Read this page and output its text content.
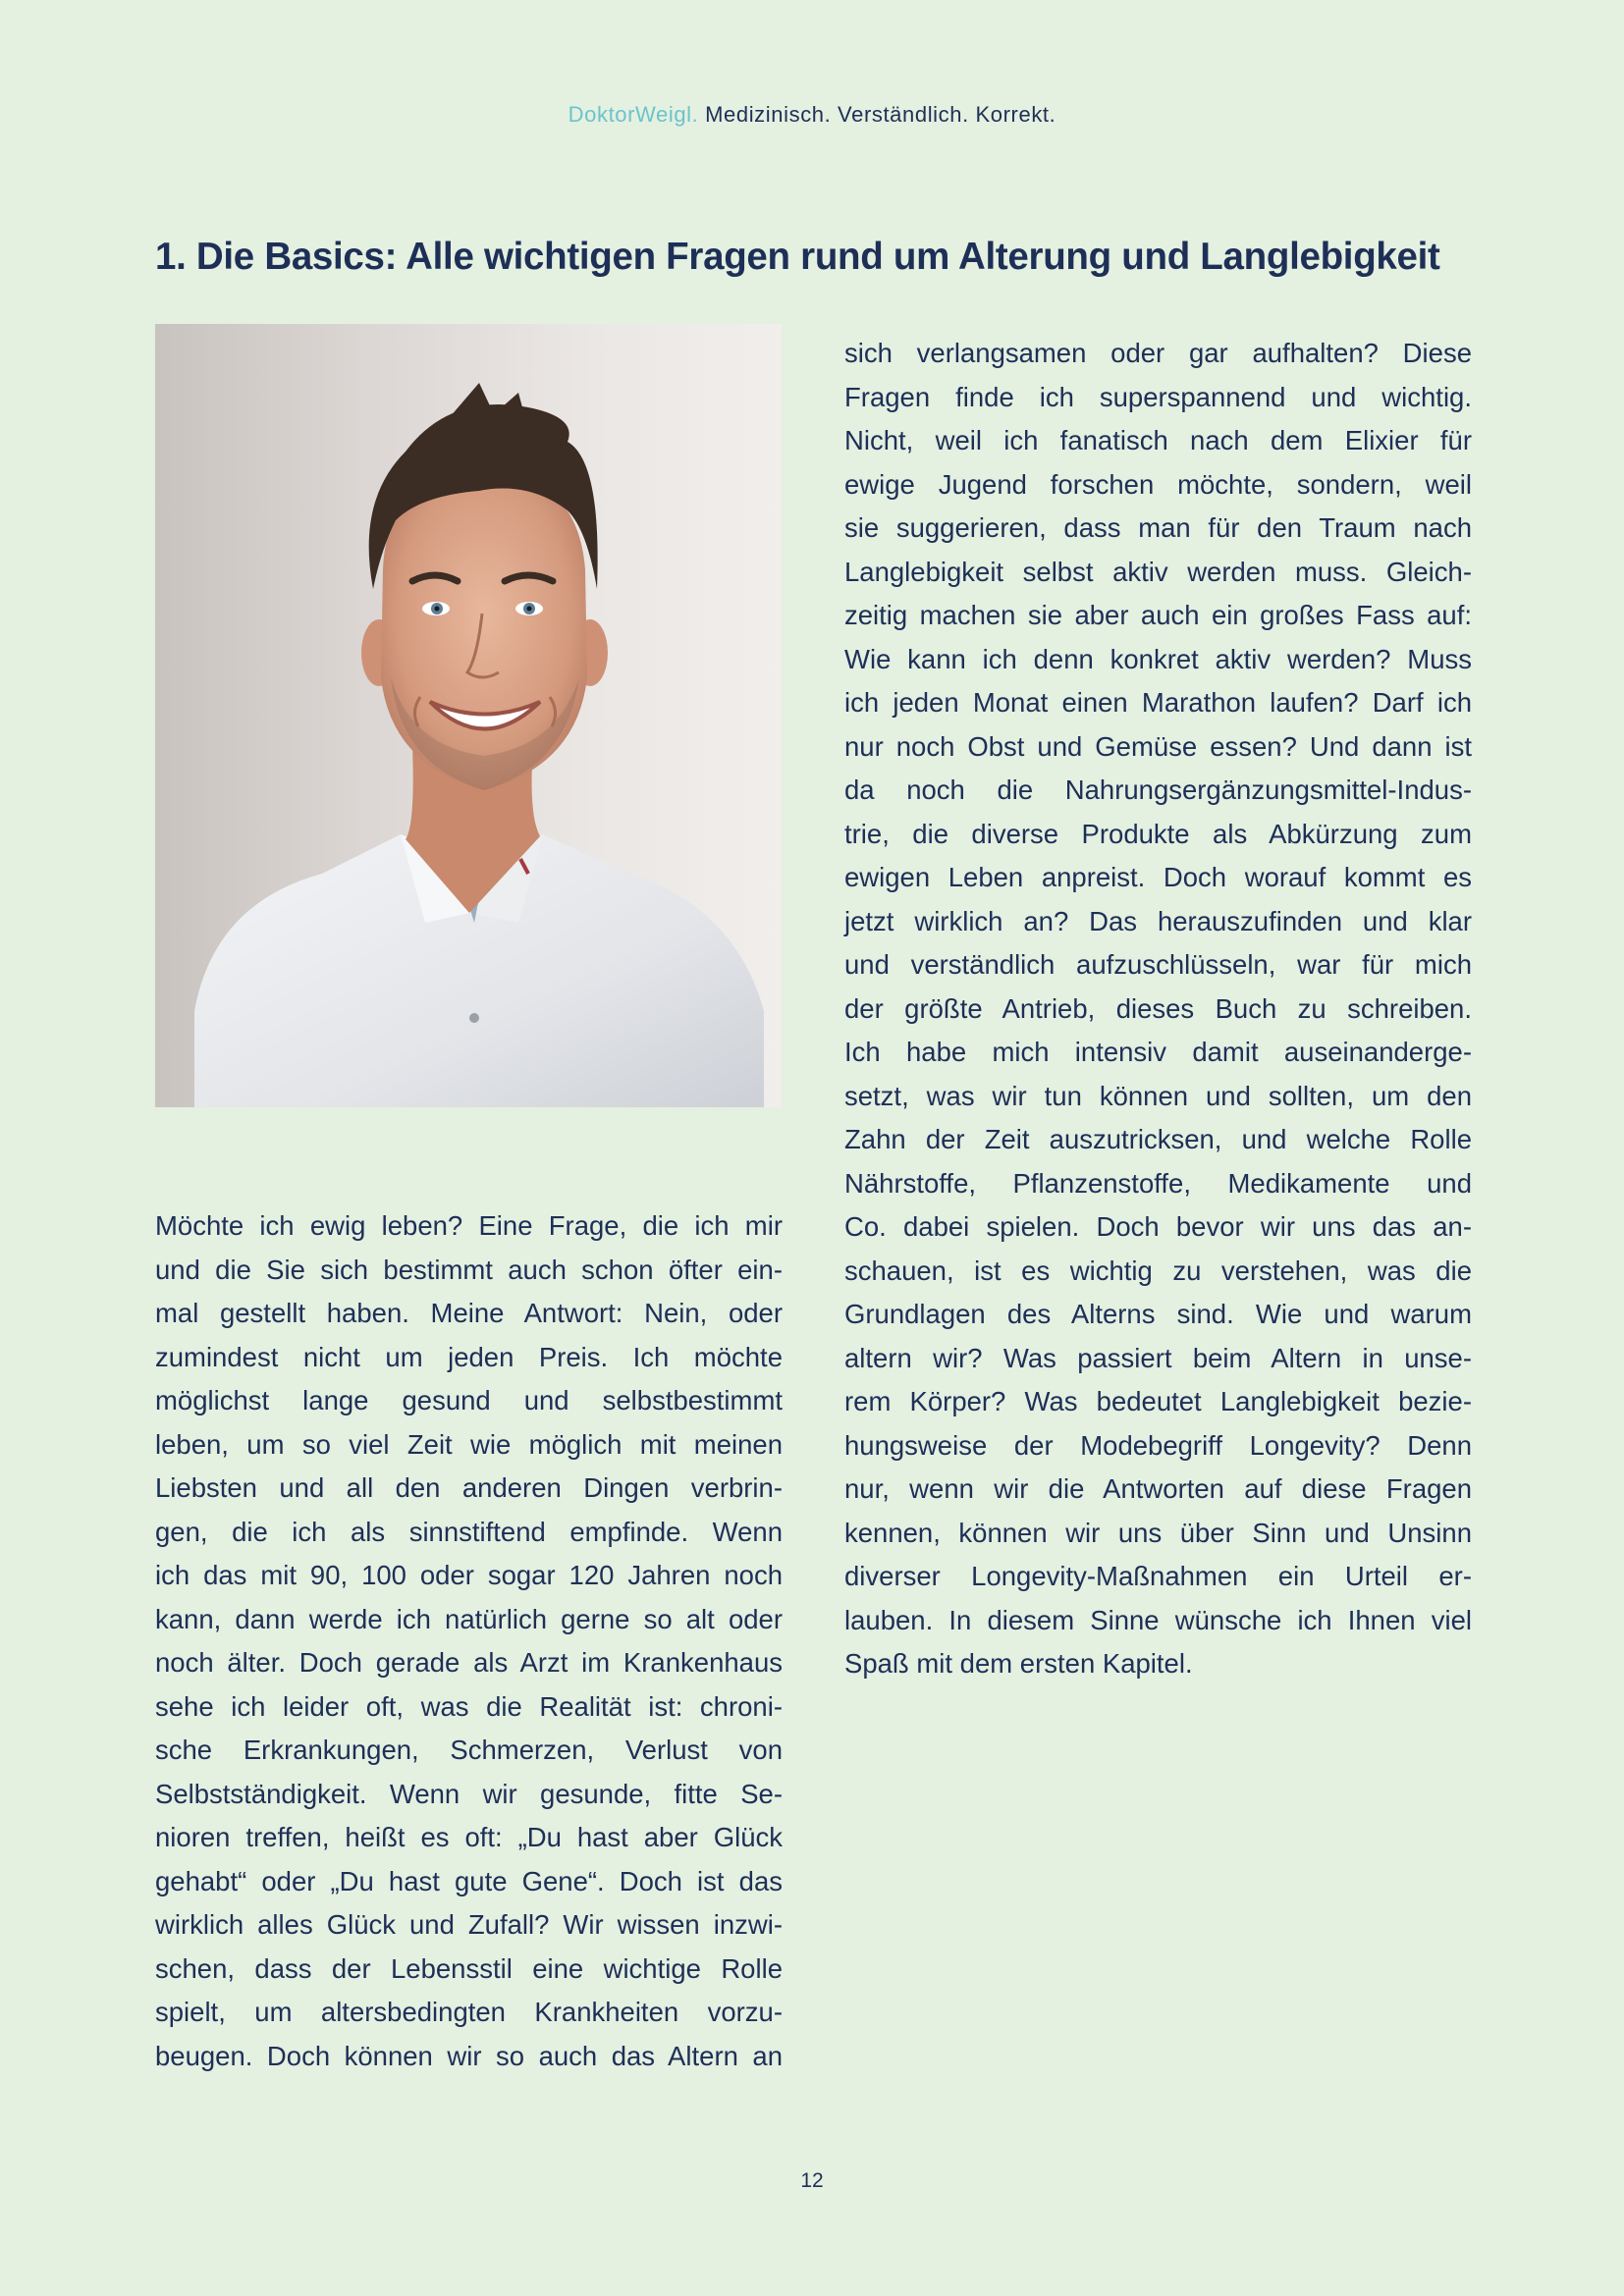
DoktorWeigl. Medizinisch. Verständlich. Korrekt.
1. Die Basics: Alle wichtigen Fragen rund um Alterung und Langlebigkeit
Möchte ich ewig leben? Eine Frage, die ich mir
und die Sie sich bestimmt auch schon öfter ein-
mal gestellt haben. Meine Antwort: Nein, oder
zumindest nicht um jeden Preis. Ich möchte
möglichst lange gesund und selbstbestimmt
leben, um so viel Zeit wie möglich mit meinen
Liebsten und all den anderen Dingen verbrin-
gen, die ich als sinnstiftend empfinde. Wenn
ich das mit 90, 100 oder sogar 120 Jahren noch
kann, dann werde ich natürlich gerne so alt oder
noch älter. Doch gerade als Arzt im Krankenhaus
sehe ich leider oft, was die Realität ist: chroni-
sche Erkrankungen, Schmerzen, Verlust von
Selbstständigkeit. Wenn wir gesunde, fitte Se-
nioren treffen, heißt es oft: „Du hast aber Glück
gehabt“ oder „Du hast gute Gene“. Doch ist das
wirklich alles Glück und Zufall? Wir wissen inzwi-
schen, dass der Lebensstil eine wichtige Rolle
spielt, um altersbedingten Krankheiten vorzu-
beugen. Doch können wir so auch das Altern an
sich verlangsamen oder gar aufhalten? Diese
Fragen finde ich superspannend und wichtig.
Nicht, weil ich fanatisch nach dem Elixier für
ewige Jugend forschen möchte, sondern, weil
sie suggerieren, dass man für den Traum nach
Langlebigkeit selbst aktiv werden muss. Gleich-
zeitig machen sie aber auch ein großes Fass auf:
Wie kann ich denn konkret aktiv werden? Muss
ich jeden Monat einen Marathon laufen? Darf ich
nur noch Obst und Gemüse essen? Und dann ist
da noch die Nahrungsergänzungsmittel-Indus-
trie, die diverse Produkte als Abkürzung zum
ewigen Leben anpreist. Doch worauf kommt es
jetzt wirklich an? Das herauszufinden und klar
und verständlich aufzuschlüsseln, war für mich
der größte Antrieb, dieses Buch zu schreiben.
Ich habe mich intensiv damit auseinanderge-
setzt, was wir tun können und sollten, um den
Zahn der Zeit auszutricksen, und welche Rolle
Nährstoffe, Pflanzenstoffe, Medikamente und
Co. dabei spielen. Doch bevor wir uns das an-
schauen, ist es wichtig zu verstehen, was die
Grundlagen des Alterns sind. Wie und warum
altern wir? Was passiert beim Altern in unse-
rem Körper? Was bedeutet Langlebigkeit bezie-
hungsweise der Modebegriff Longevity? Denn
nur, wenn wir die Antworten auf diese Fragen
kennen, können wir uns über Sinn und Unsinn
diverser Longevity-Maßnahmen ein Urteil er-
lauben. In diesem Sinne wünsche ich Ihnen viel
Spaß mit dem ersten Kapitel.
12
